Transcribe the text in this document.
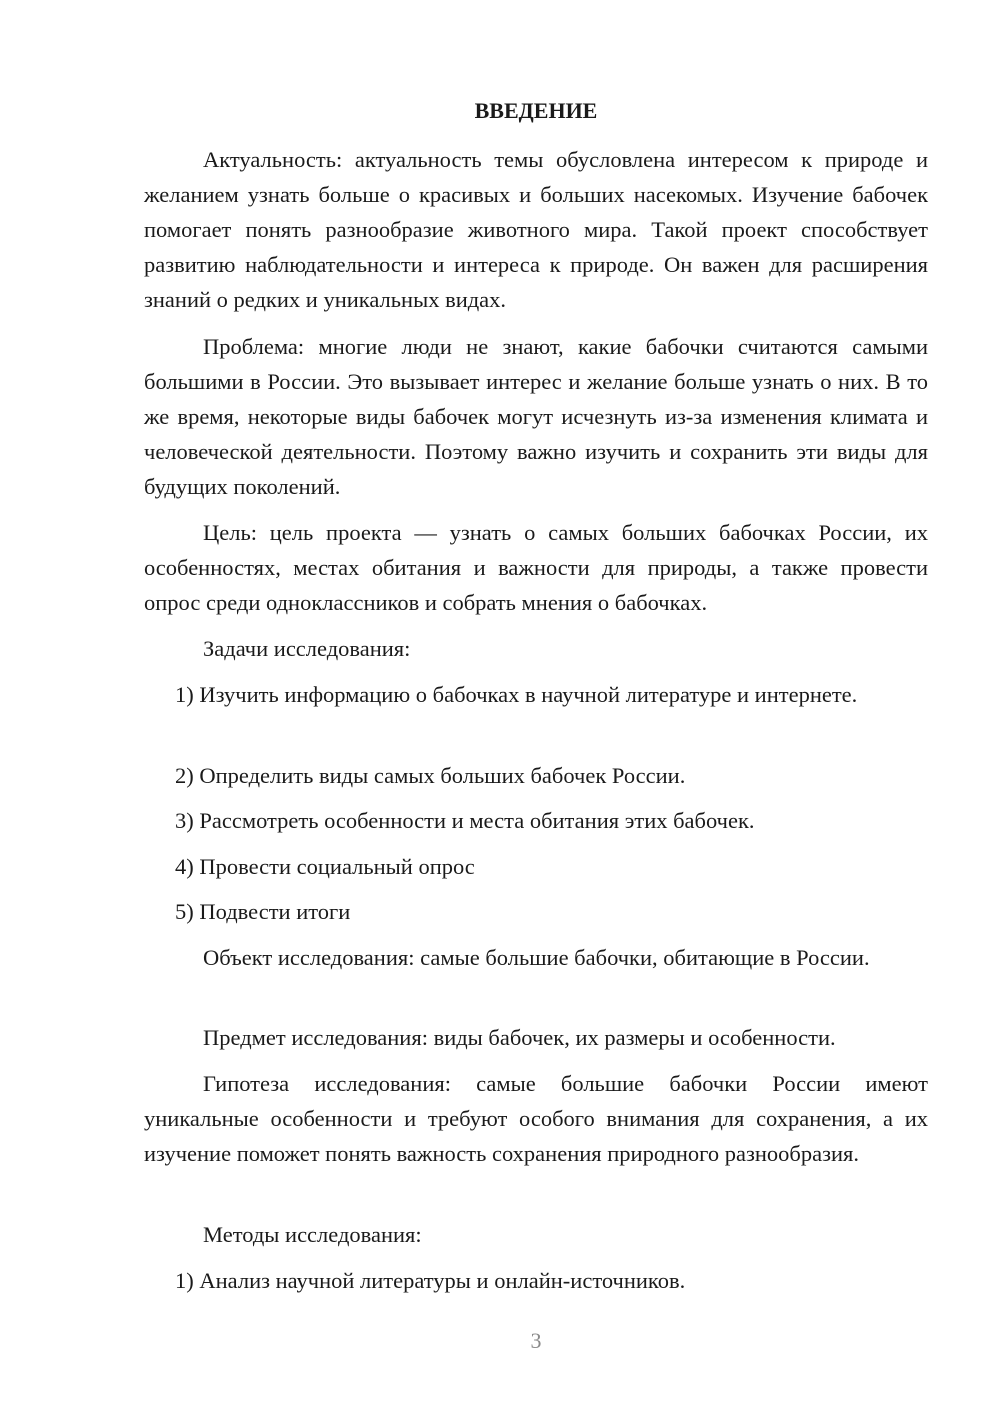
ВВЕДЕНИЕ

Актуальность: актуальность темы обусловлена интересом к природе и желанием узнать больше о красивых и больших насекомых. Изучение бабочек помогает понять разнообразие животного мира. Такой проект способствует развитию наблюдательности и интереса к природе. Он важен для расширения знаний о редких и уникальных видах.

Проблема: многие люди не знают, какие бабочки считаются самыми большими в России. Это вызывает интерес и желание больше узнать о них. В то же время, некоторые виды бабочек могут исчезнуть из-за изменения климата и человеческой деятельности. Поэтому важно изучить и сохранить эти виды для будущих поколений.

Цель: цель проекта — узнать о самых больших бабочках России, их особенностях, местах обитания и важности для природы, а также провести опрос среди одноклассников и собрать мнения о бабочках.

Задачи исследования:

1) Изучить информацию о бабочках в научной литературе и интернете.

2) Определить виды самых больших бабочек России.

3) Рассмотреть особенности и места обитания этих бабочек.

4) Провести социальный опрос

5) Подвести итоги

Объект исследования: самые большие бабочки, обитающие в России.

Предмет исследования: виды бабочек, их размеры и особенности.

Гипотеза исследования: самые большие бабочки России имеют уникальные особенности и требуют особого внимания для сохранения, а их изучение поможет понять важность сохранения природного разнообразия.

Методы исследования:

1) Анализ научной литературы и онлайн-источников.

3
